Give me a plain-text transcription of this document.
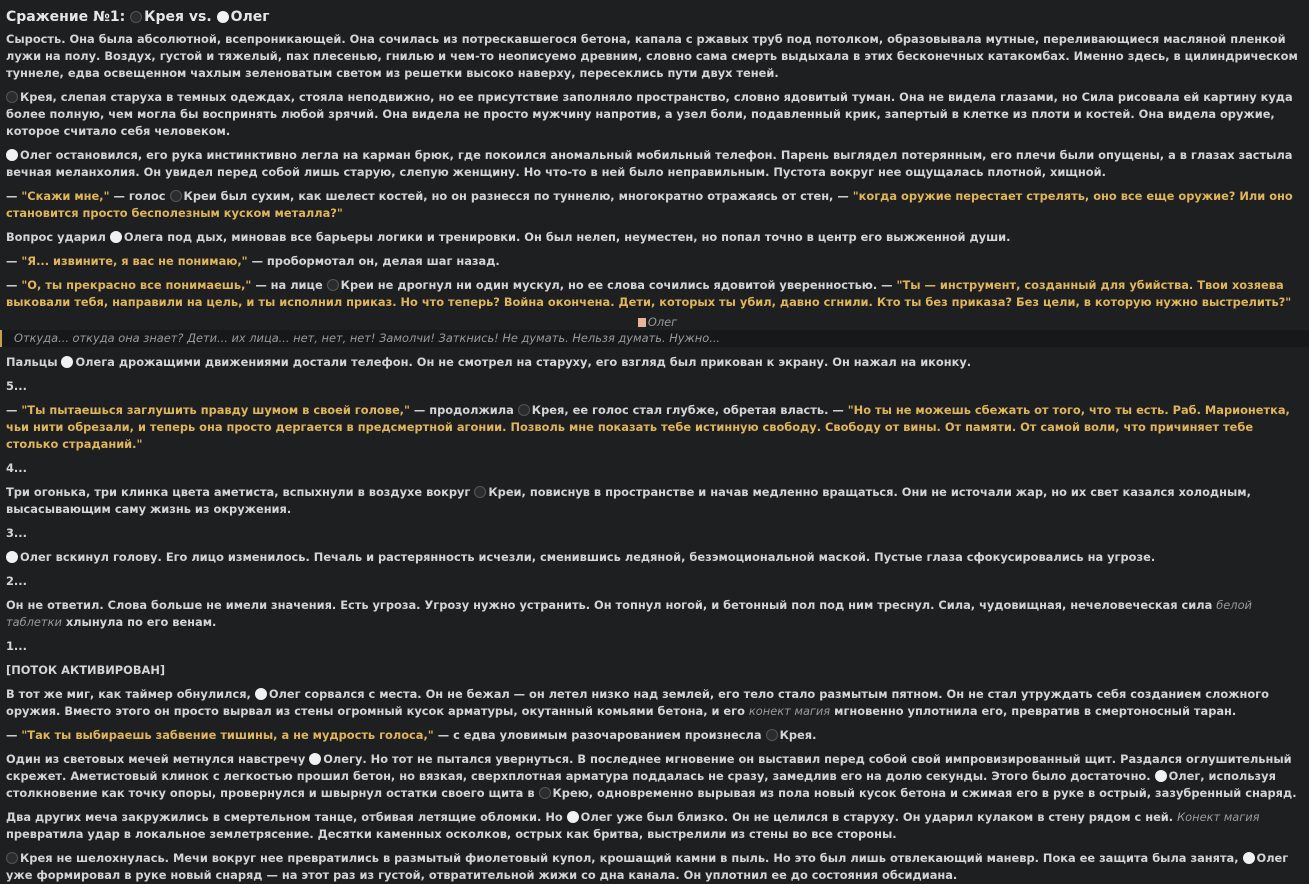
Сражение №1: Крея vs. Олег

Сырость. Она была абсолютной, всепроникающей. Она сочилась из потрескавшегося бетона, капала с ржавых труб под потолком, образовывала мутные, переливающиеся масляной пленкой лужи на полу. Воздух, густой и тяжелый, пах плесенью, гнилью и чем-то неописуемо древним, словно сама смерть выдыхала в этих бесконечных катакомбах. Именно здесь, в цилиндрическом туннеле, едва освещенном чахлым зеленоватым светом из решетки высоко наверху, пересеклись пути двух теней.

Крея, слепая старуха в темных одеждах, стояла неподвижно, но ее присутствие заполняло пространство, словно ядовитый туман. Она не видела глазами, но Сила рисовала ей картину куда более полную, чем могла бы воспринять любой зрячий. Она видела не просто мужчину напротив, а узел боли, подавленный крик, запертый в клетке из плоти и костей. Она видела оружие, которое считало себя человеком.

Олег остановился, его рука инстинктивно легла на карман брюк, где покоился аномальный мобильный телефон. Парень выглядел потерянным, его плечи были опущены, а в глазах застыла вечная меланхолия. Он увидел перед собой лишь старую, слепую женщину. Но что-то в ней было неправильным. Пустота вокруг нее ощущалась плотной, хищной.

— "Скажи мне," — голос Креи был сухим, как шелест костей, но он разнесся по туннелю, многократно отражаясь от стен, — "когда оружие перестает стрелять, оно все еще оружие? Или оно становится просто бесполезным куском металла?"

Вопрос ударил Олега под дых, миновав все барьеры логики и тренировки. Он был нелеп, неуместен, но попал точно в центр его выжженной души.

— "Я... извините, я вас не понимаю," — пробормотал он, делая шаг назад.

— "О, ты прекрасно все понимаешь," — на лице Креи не дрогнул ни один мускул, но ее слова сочились ядовитой уверенностью. — "Ты — инструмент, созданный для убийства. Твои хозяева выковали тебя, направили на цель, и ты исполнил приказ. Но что теперь? Война окончена. Дети, которых ты убил, давно сгнили. Кто ты без приказа? Без цели, в которую нужно выстрелить?"

Олег
Откуда... откуда она знает? Дети... их лица... нет, нет, нет! Замолчи! Заткнись! Не думать. Нельзя думать. Нужно...

Пальцы Олега дрожащими движениями достали телефон. Он не смотрел на старуху, его взгляд был прикован к экрану. Он нажал на иконку.

5...

— "Ты пытаешься заглушить правду шумом в своей голове," — продолжила Крея, ее голос стал глубже, обретая власть. — "Но ты не можешь сбежать от того, что ты есть. Раб. Марионетка, чьи нити обрезали, и теперь она просто дергается в предсмертной агонии. Позволь мне показать тебе истинную свободу. Свободу от вины. От памяти. От самой воли, что причиняет тебе столько страданий."

4...

Три огонька, три клинка цвета аметиста, вспыхнули в воздухе вокруг Креи, повиснув в пространстве и начав медленно вращаться. Они не источали жар, но их свет казался холодным, высасывающим саму жизнь из окружения.

3...

Олег вскинул голову. Его лицо изменилось. Печаль и растерянность исчезли, сменившись ледяной, безэмоциональной маской. Пустые глаза сфокусировались на угрозе.

2...

Он не ответил. Слова больше не имели значения. Есть угроза. Угрозу нужно устранить. Он топнул ногой, и бетонный пол под ним треснул. Сила, чудовищная, нечеловеческая сила белой таблетки хлынула по его венам.

1...

[ПОТОК АКТИВИРОВАН]

В тот же миг, как таймер обнулился, Олег сорвался с места. Он не бежал — он летел низко над землей, его тело стало размытым пятном. Он не стал утруждать себя созданием сложного оружия. Вместо этого он просто вырвал из стены огромный кусок арматуры, окутанный комьями бетона, и его конект магия мгновенно уплотнила его, превратив в смертоносный таран.

— "Так ты выбираешь забвение тишины, а не мудрость голоса," — с едва уловимым разочарованием произнесла Крея.

Один из световых мечей метнулся навстречу Олегу. Но тот не пытался увернуться. В последнее мгновение он выставил перед собой свой импровизированный щит. Раздался оглушительный скрежет. Аметистовый клинок с легкостью прошил бетон, но вязкая, сверхплотная арматура поддалась не сразу, замедлив его на долю секунды. Этого было достаточно. Олег, используя столкновение как точку опоры, провернулся и швырнул остатки своего щита в Крею, одновременно вырывая из пола новый кусок бетона и сжимая его в руке в острый, зазубренный снаряд.

Два других меча закружились в смертельном танце, отбивая летящие обломки. Но Олег уже был близко. Он не целился в старуху. Он ударил кулаком в стену рядом с ней. Конект магия превратила удар в локальное землетрясение. Десятки каменных осколков, острых как бритва, выстрелили из стены во все стороны.

Крея не шелохнулась. Мечи вокруг нее превратились в размытый фиолетовый купол, крошащий камни в пыль. Но это был лишь отвлекающий маневр. Пока ее защита была занята, Олег уже формировал в руке новый снаряд — на этот раз из густой, отвратительной жижи со дна канала. Он уплотнил ее до состояния обсидиана.
